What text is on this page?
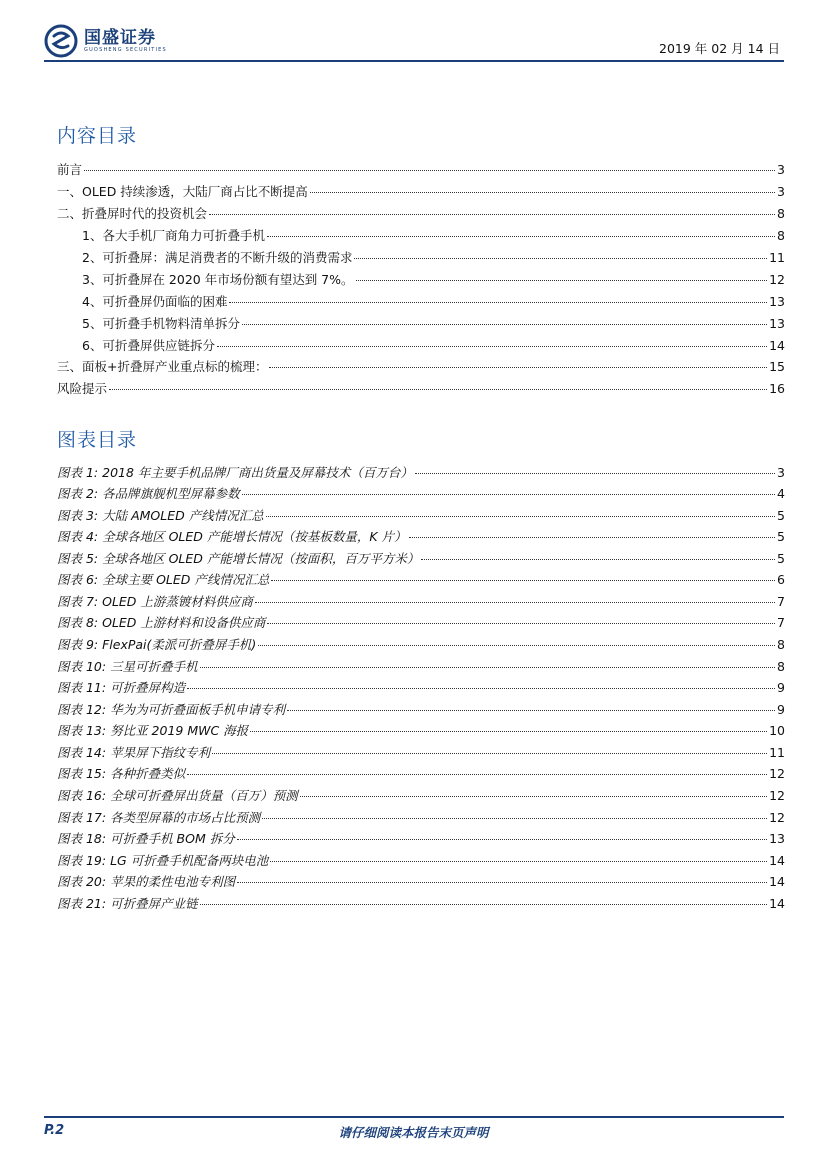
国盛证券
GUOSHENG SECURITIES	2019 年 02 月 14 日
内容目录
前言	3
一、OLED 持续渗透，大陆厂商占比不断提高	3
二、折叠屏时代的投资机会	8
1、各大手机厂商角力可折叠手机	8
2、可折叠屏：满足消费者的不断升级的消费需求	11
3、可折叠屏在 2020 年市场份额有望达到 7%。	12
4、可折叠屏仍面临的困难	13
5、可折叠手机物料清单拆分	13
6、可折叠屏供应链拆分	14
三、面板+折叠屏产业重点标的梳理：	15
风险提示	16
图表目录
图表 1: 2018 年主要手机品牌厂商出货量及屏幕技术（百万台）	3
图表 2: 各品牌旗舰机型屏幕参数	4
图表 3: 大陆 AMOLED 产线情况汇总	5
图表 4: 全球各地区 OLED 产能增长情况（按基板数量，K 片）	5
图表 5: 全球各地区 OLED 产能增长情况（按面积，百万平方米）	5
图表 6: 全球主要 OLED 产线情况汇总	6
图表 7: OLED 上游蒸镀材料供应商	7
图表 8: OLED 上游材料和设备供应商	7
图表 9: FlexPai(柔派可折叠屏手机)	8
图表 10: 三星可折叠手机	8
图表 11: 可折叠屏构造	9
图表 12: 华为为可折叠面板手机申请专利	9
图表 13: 努比亚 2019 MWC 海报	10
图表 14: 苹果屏下指纹专利	11
图表 15: 各种折叠类似	12
图表 16: 全球可折叠屏出货量（百万）预测	12
图表 17: 各类型屏幕的市场占比预测	12
图表 18: 可折叠手机 BOM 拆分	13
图表 19: LG 可折叠手机配备两块电池	14
图表 20: 苹果的柔性电池专利图	14
图表 21: 可折叠屏产业链	14
P.2	请仔细阅读本报告末页声明
